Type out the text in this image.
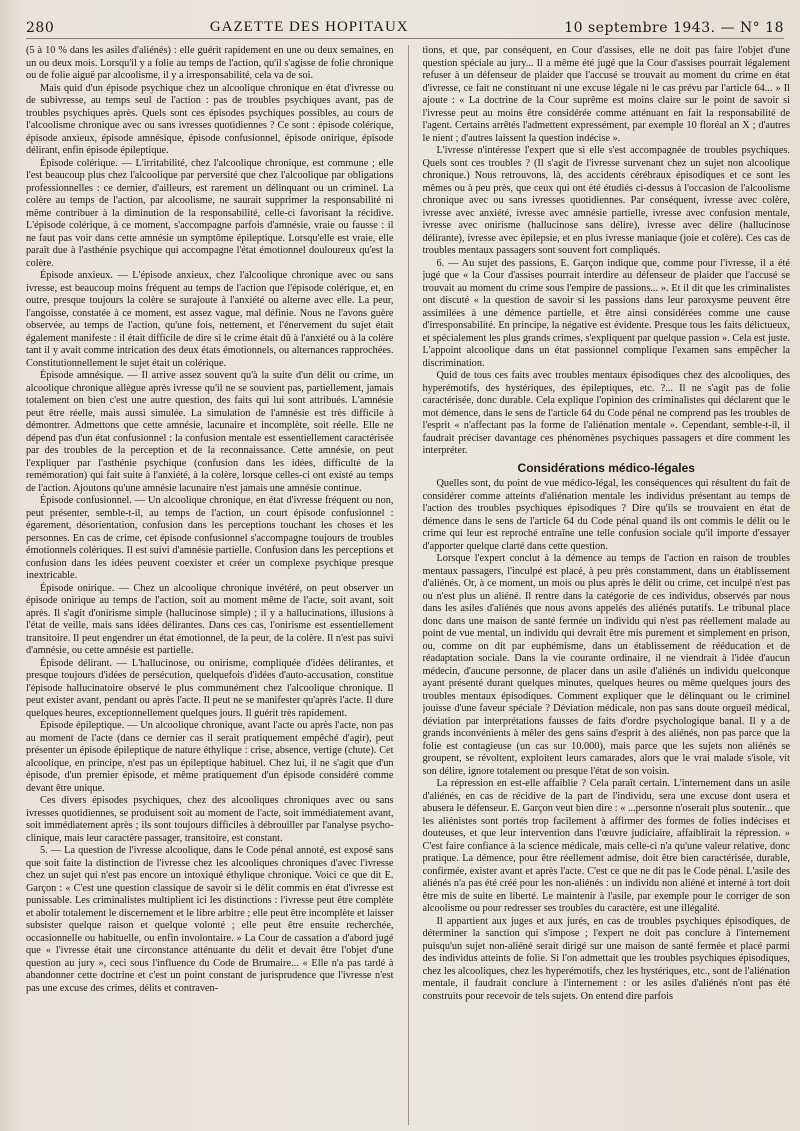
280	GAZETTE DES HOPITAUX	10 septembre 1943. — N° 18

(5 à 10 % dans les asiles d'aliénés) : elle guérit rapidement en une ou deux semaines, en un ou deux mois. Lorsqu'il y a folie au temps de l'action, qu'il s'agisse de folie chronique ou de folie aiguë par alcoolisme, il y a irresponsabilité, cela va de soi.

Mais quid d'un épisode psychique chez un alcoolique chronique en état d'ivresse ou de subivresse, au temps seul de l'action : pas de troubles psychiques avant, pas de troubles psychiques après. Quels sont ces épisodes psychiques possibles, au cours de l'alcoolisme chronique avec ou sans ivresses quotidiennes ? Ce sont : épisode colérique, épisode anxieux, épisode amnésique, épisode confusionnel, épisode onirique, épisode délirant, enfin épisode épileptique.

Épisode colérique. — L'irritabilité, chez l'alcoolique chronique, est commune ; elle l'est beaucoup plus chez l'alcoolique par perversité que chez l'alcoolique par obligations professionnelles : ce dernier, d'ailleurs, est rarement un délinquant ou un criminel. La colère au temps de l'action, par alcoolisme, ne saurait supprimer la responsabilité ni même contribuer à la diminution de la responsabilité, celle-ci favorisant la récidive. L'épisode colérique, à ce moment, s'accompagne parfois d'amnésie, vraie ou fausse : il ne faut pas voir dans cette amnésie un symptôme épileptique. Lorsqu'elle est vraie, elle paraît due à l'asthénie psychique qui accompagne l'état émotionnel douloureux qu'est la colère.

Épisode anxieux. — L'épisode anxieux, chez l'alcoolique chronique avec ou sans ivresse, est beaucoup moins fréquent au temps de l'action que l'épisode colérique, et, en outre, presque toujours la colère se surajoute à l'anxiété ou alterne avec elle. La peur, l'angoisse, constatée à ce moment, est assez vague, mal définie. Nous ne l'avons guère observée, au temps de l'action, qu'une fois, nettement, et l'énervement du sujet était également manifeste : il était difficile de dire si le crime était dû à l'anxiété ou à la colère tant il y avait comme intrication des deux états émotionnels, ou alternances rapprochées. Constitutionnellement le sujet était un colérique.

Épisode amnésique. — Il arrive assez souvent qu'à la suite d'un délit ou crime, un alcoolique chronique allègue après ivresse qu'il ne se souvient pas, partiellement, jamais totalement on bien c'est une autre question, des faits qui lui sont attribués. L'amnésie peut être réelle, mais aussi simulée. La simulation de l'amnésie est très difficile à démontrer. Admettons que cette amnésie, lacunaire et incomplète, soit réelle. Elle ne dépend pas d'un état confusionnel : la confusion mentale est essentiellement caractérisée par des troubles de la perception et de la reconnaissance. Cette amnésie, on peut l'expliquer par l'asthénie psychique (confusion dans les idées, difficulté de la remémoration) qui fait suite à l'anxiété, à la colère, lorsque celles-ci ont existé au temps de l'action. Ajoutons qu'une amnésie lacunaire n'est jamais une amnésie continue.

Épisode confusionnel. — Un alcoolique chronique, en état d'ivresse fréquent ou non, peut présenter, semble-t-il, au temps de l'action, un court épisode confusionnel : égarement, désorientation, confusion dans les perceptions touchant les choses et les personnes. En cas de crime, cet épisode confusionnel s'accompagne toujours de troubles émotionnels colériques. Il est suivi d'amnésie partielle. Confusion dans les perceptions et confusion dans les idées peuvent coexister et créer un complexe psychique presque inextricable.

Épisode onirique. — Chez un alcoolique chronique invétéré, on peut observer un épisode onirique au temps de l'action, soit au moment même de l'acte, soit avant, soit après. Il s'agit d'onirisme simple (hallucinose simple) ; il y a hallucinations, illusions à l'état de veille, mais sans idées délirantes. Dans ces cas, l'onirisme est essentiellement transitoire. Il peut engendrer un état émotionnel, de la peur, de la colère. Il n'est pas suivi d'amnésie, ou cette amnésie est partielle.

Épisode délirant. — L'hallucinose, ou onirisme, compliquée d'idées délirantes, et presque toujours d'idées de persécution, quelquefois d'idées d'auto-accusation, constitue l'épisode hallucinatoire observé le plus communément chez l'alcoolique chronique. Il peut exister avant, pendant ou après l'acte. Il peut ne se manifester qu'après l'acte. Il dure quelques heures, exceptionnellement quelques jours. Il guérit très rapidement.

Épisode épileptique. — Un alcoolique chronique, avant l'acte ou après l'acte, non pas au moment de l'acte (dans ce dernier cas il serait pratiquement empêché d'agir), peut présenter un épisode épileptique de nature éthylique : crise, absence, vertige (chute). Cet alcoolique, en principe, n'est pas un épileptique habituel. Chez lui, il ne s'agit que d'un épisode, d'un premier épisode, et même pratiquement d'un épisode considéré comme devant être unique.

Ces divers épisodes psychiques, chez des alcooliques chroniques avec ou sans ivresses quotidiennes, se produisent soit au moment de l'acte, soit immédiatement avant, soit immédiatement après ; ils sont toujours difficiles à débrouiller par l'analyse psycho-clinique, mais leur caractère passager, transitoire, est constant.

5. — La question de l'ivresse alcoolique, dans le Code pénal annoté, est exposé sans que soit faite la distinction de l'ivresse chez les alcooliques chroniques d'avec l'ivresse chez un sujet qui n'est pas encore un intoxiqué éthylique chronique. Voici ce que dit E. Garçon : « C'est une question classique de savoir si le délit commis en état d'ivresse est punissable. Les criminalistes multiplient ici les distinctions : l'ivresse peut être complète et abolir totalement le discernement et le libre arbitre ; elle peut être incomplète et laisser subsister quelque raison et quelque volonté ; elle peut être ensuite recherchée, occasionnelle ou habituelle, ou enfin involontaire. » La Cour de cassation a d'abord jugé que « l'ivresse était une circonstance atténuante du délit et devait être l'objet d'une question au jury », ceci sous l'influence du Code de Brumaire... « Elle n'a pas tardé à abandonner cette doctrine et c'est un point constant de jurisprudence que l'ivresse n'est pas une excuse des crimes, délits et contraven-

tions, et que, par conséquent, en Cour d'assises, elle ne doit pas faire l'objet d'une question spéciale au jury... Il a même été jugé que la Cour d'assises pourrait légalement refuser à un défenseur de plaider que l'accusé se trouvait au moment du crime en état d'ivresse, ce fait ne constituant ni une excuse légale ni le cas prévu par l'article 64... » Il ajoute : « La doctrine de la Cour suprême est moins claire sur le point de savoir si l'ivresse peut au moins être considérée comme atténuant en fait la responsabilité de l'agent. Certains arrêtés l'admettent expressément, par exemple 10 floréal an X ; d'autres le nient ; d'autres laissent la question indécise ».

L'ivresse n'intéresse l'expert que si elle s'est accompagnée de troubles psychiques. Quels sont ces troubles ? (Il s'agit de l'ivresse survenant chez un sujet non alcoolique chronique.) Nous retrouvons, là, des accidents cérébraux épisodiques et ce sont les mêmes ou à peu près, que ceux qui ont été étudiés ci-dessus à l'occasion de l'alcoolisme chronique avec ou sans ivresses quotidiennes. Par conséquent, ivresse avec colère, ivresse avec anxiété, ivresse avec amnésie partielle, ivresse avec confusion mentale, ivresse avec onirisme (hallucinose sans délire), ivresse avec délire (hallucinose délirante), ivresse avec épilepsie, et en plus ivresse maniaque (joie et colère). Ces cas de troubles mentaux passagers sont souvent fort compliqués.

6. — Au sujet des passions, E. Garçon indique que, comme pour l'ivresse, il a été jugé que « la Cour d'assises pourrait interdire au défenseur de plaider que l'accusé se trouvait au moment du crime sous l'empire de passions... ». Et il dit que les criminalistes ont discuté « la question de savoir si les passions dans leur paroxysme peuvent être assimilées à une démence partielle, et être ainsi considérées comme une cause d'irresponsabilité. En principe, la négative est évidente. Presque tous les faits délictueux, et spécialement les plus grands crimes, s'expliquent par quelque passion ». Cela est juste. L'appoint alcoolique dans un état passionnel complique l'examen sans empêcher la discrimination.

Quid de tous ces faits avec troubles mentaux épisodiques chez des alcooliques, des hyperémotifs, des hystériques, des épileptiques, etc. ?... Il ne s'agit pas de folie caractérisée, donc durable. Cela explique l'opinion des criminalistes qui déclarent que le mot démence, dans le sens de l'article 64 du Code pénal ne comprend pas les troubles de l'esprit « n'affectant pas la forme de l'aliénation mentale ». Cependant, semble-t-il, il faudrait préciser davantage ces phénomènes psychiques passagers et dire comment les interpréter.

Considérations médico-légales

Quelles sont, du point de vue médico-légal, les conséquences qui résultent du fait de considérer comme atteints d'aliénation mentale les individus présentant au temps de l'action des troubles psychiques épisodiques ? Dire qu'ils se trouvaient en état de démence dans le sens de l'article 64 du Code pénal quand ils ont commis le délit ou le crime qui leur est reproché entraîne une telle confusion sociale qu'il importe d'essayer d'apporter quelque clarté dans cette question.

Lorsque l'expert conclut à la démence au temps de l'action en raison de troubles mentaux passagers, l'inculpé est placé, à peu près constamment, dans un établissement d'aliénés. Or, à ce moment, un mois ou plus après le délit ou crime, cet inculpé n'est pas ou n'est plus un aliéné. Il rentre dans la catégorie de ces individus, observés par nous dans les asiles d'aliénés que nous avons appelés des aliénés putatifs. Le tribunal place donc dans une maison de santé fermée un individu qui n'est pas réellement malade au point de vue mental, un individu qui devrait être mis purement et simplement en prison, ou, comme on dit par euphémisme, dans un établissement de rééducation et de réadaptation sociale. Dans la vie courante ordinaire, il ne viendrait à l'idée d'aucun médecin, d'aucune personne, de placer dans un asile d'aliénés un individu quelconque ayant présenté durant quelques minutes, quelques heures ou même quelques jours des troubles mentaux épisodiques. Comment expliquer que le délinquant ou le criminel jouisse d'une faveur spéciale ? Déviation médicale, non pas sans doute orgueil médical, déviation par interprétations fausses de faits d'ordre psychologique banal. Il y a de grands inconvénients à mêler des gens sains d'esprit à des aliénés, non pas parce que la folie est contagieuse (un cas sur 10.000), mais parce que les sujets non aliénés se groupent, se révoltent, exploitent leurs camarades, alors que le vrai malade s'isole, vit son délire, ignore totalement ou presque l'état de son voisin.

La répression en est-elle affaiblie ? Cela paraît certain. L'internement dans un asile d'aliénés, en cas de récidive de la part de l'individu, sera une excuse dont usera et abusera le défenseur. E. Garçon veut bien dire : « ...personne n'oserait plus soutenir... que les aliénistes sont portés trop facilement à affirmer des formes de folies indécises et douteuses, et que leur intervention dans l'œuvre judiciaire, affaiblirait la répression. » C'est faire confiance à la science médicale, mais celle-ci n'a qu'une valeur relative, donc pratique. La démence, pour être réellement admise, doit être bien caractérisée, durable, confirmée, exister avant et après l'acte. C'est ce que ne dit pas le Code pénal. L'asile des aliénés n'a pas été créé pour les non-aliénés : un individu non aliéné et interné à tort doit être mis de suite en liberté. Le maintenir à l'asile, par exemple pour le corriger de son alcoolisme ou pour redresser ses troubles du caractère, est une illégalité.

Il appartient aux juges et aux jurés, en cas de troubles psychiques épisodiques, de déterminer la sanction qui s'impose ; l'expert ne doit pas conclure à l'internement puisqu'un sujet non-aliéné serait dirigé sur une maison de santé fermée et placé parmi des individus atteints de folie. Si l'on admettait que les troubles psychiques épisodiques, chez les alcooliques, chez les hyperémotifs, chez les hystériques, etc., sont de l'aliénation mentale, il faudrait conclure à l'internement : or les asiles d'aliénés n'ont pas été construits pour recevoir de tels sujets. On entend dire parfois
